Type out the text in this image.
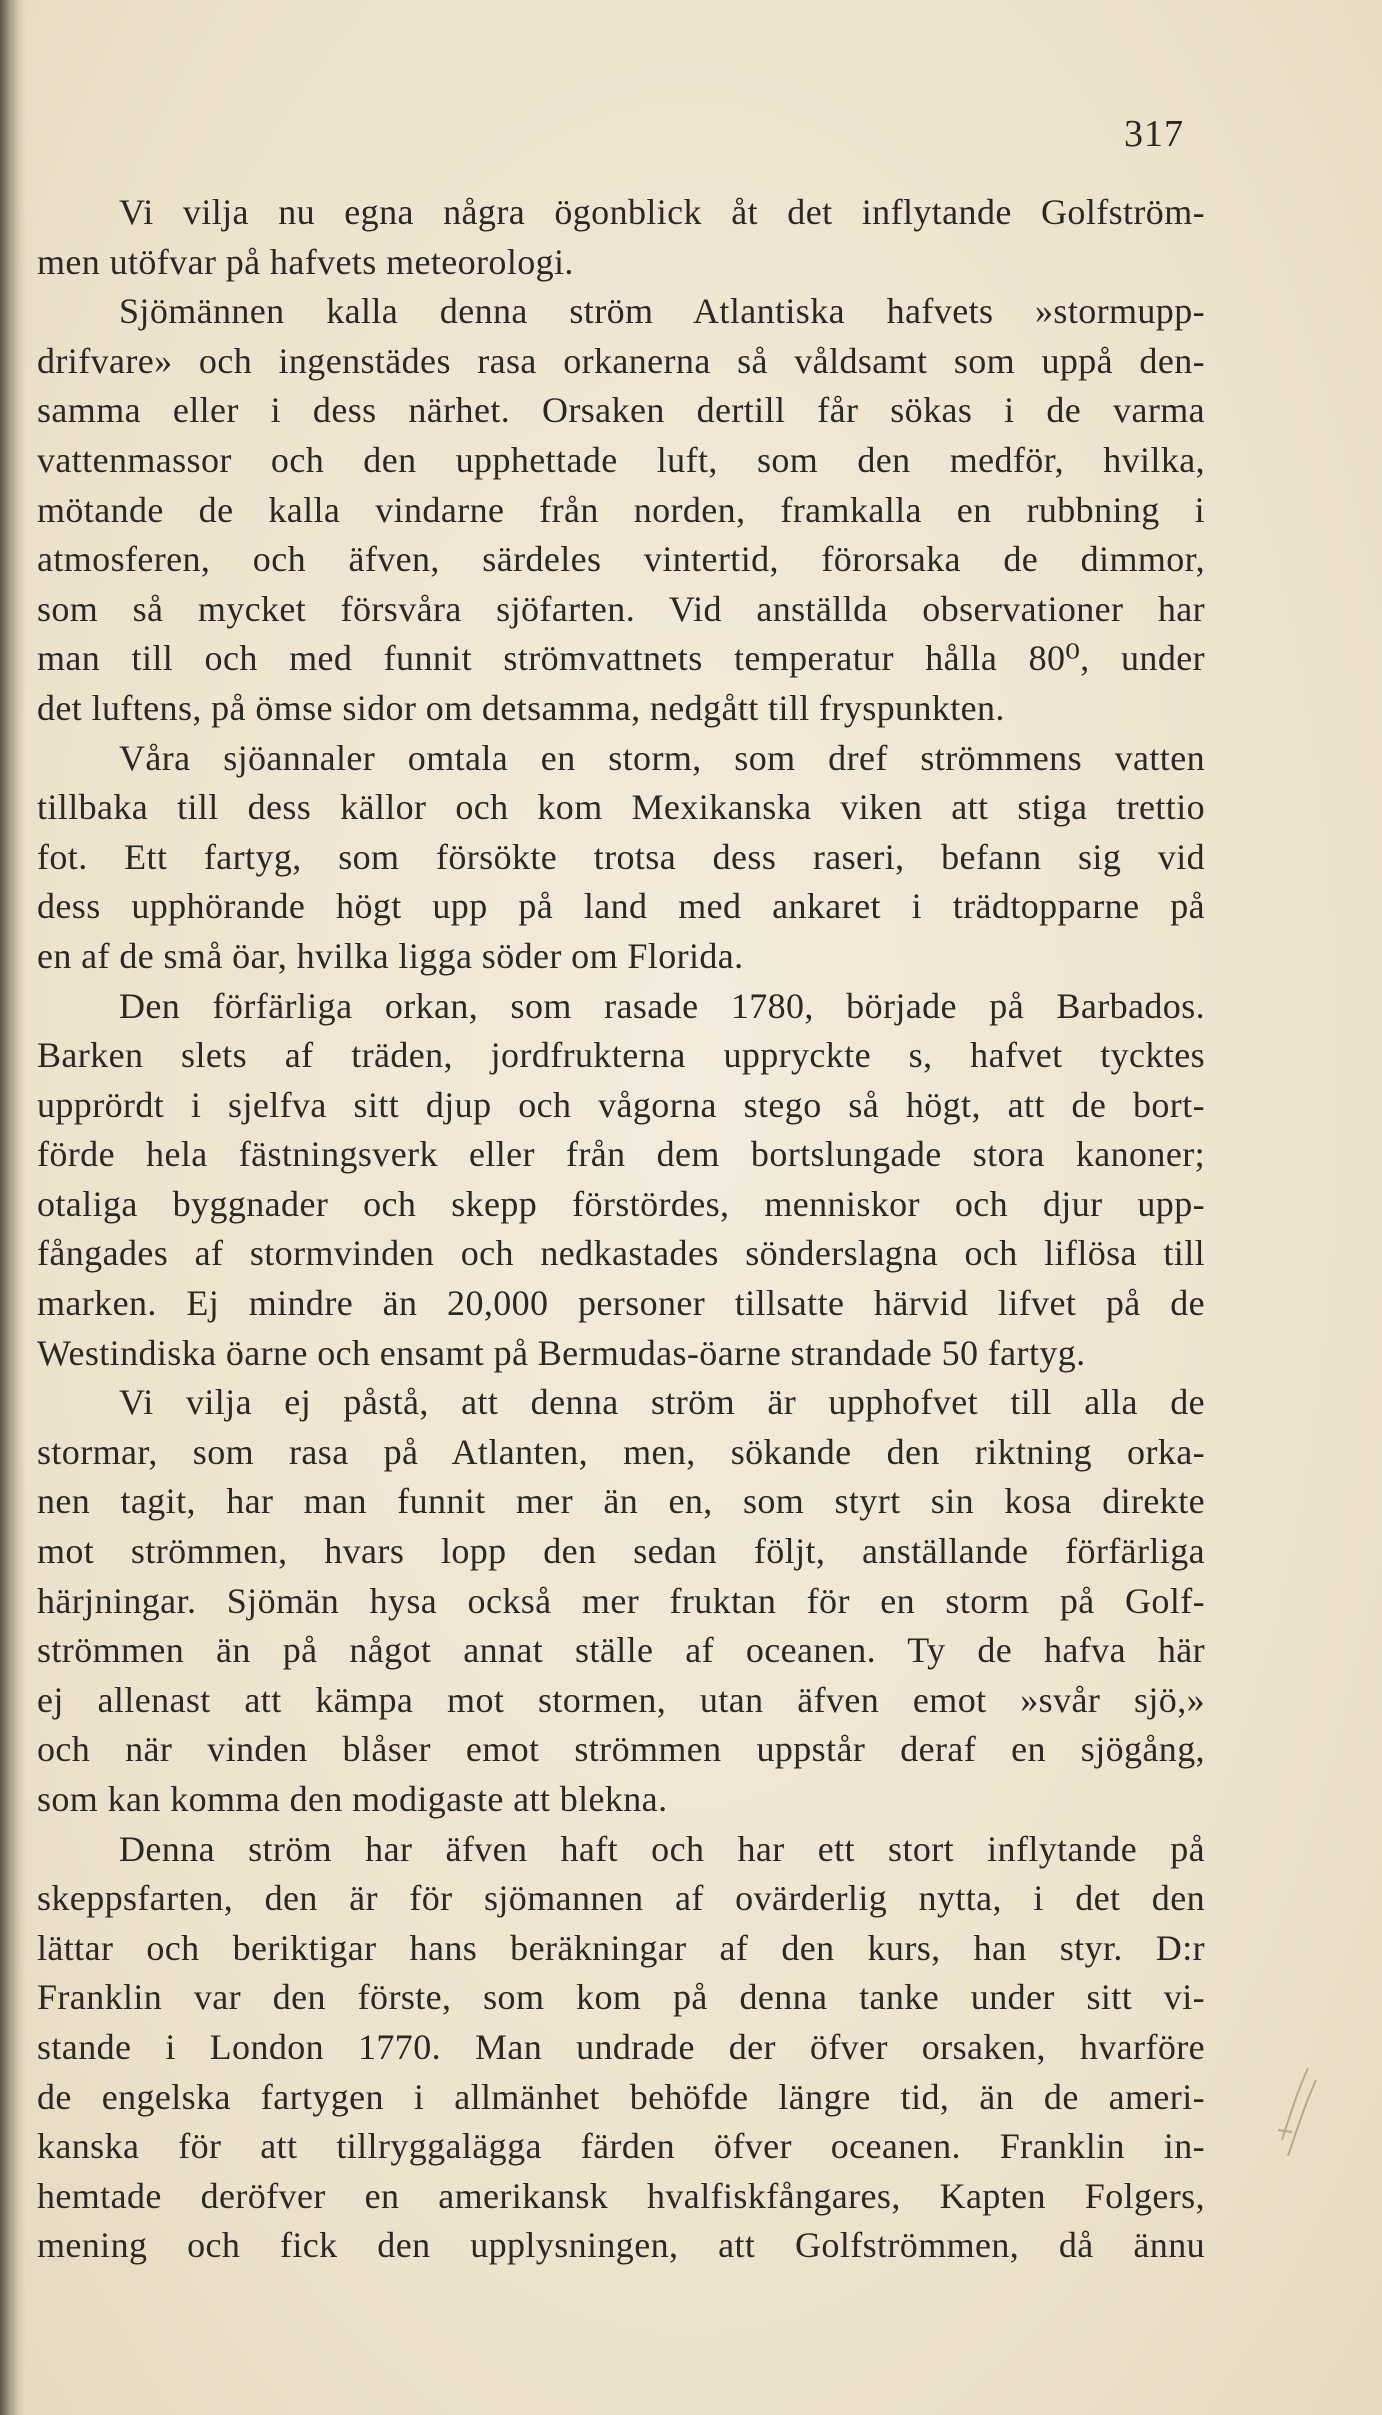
317
Vi vilja nu egna några ögonblick åt det inflytande Golfström-
men utöfvar på hafvets meteorologi.
Sjömännen kalla denna ström Atlantiska hafvets »stormupp-
drifvare» och ingenstädes rasa orkanerna så våldsamt som uppå den-
samma eller i dess närhet. Orsaken dertill får sökas i de varma
vattenmassor och den upphettade luft, som den medför, hvilka,
mötande de kalla vindarne från norden, framkalla en rubbning i
atmosferen, och äfven, särdeles vintertid, förorsaka de dimmor,
som så mycket försvåra sjöfarten. Vid anställda observationer har
man till och med funnit strömvattnets temperatur hålla 80⁰, under
det luftens, på ömse sidor om detsamma, nedgått till fryspunkten.
Våra sjöannaler omtala en storm, som dref strömmens vatten
tillbaka till dess källor och kom Mexikanska viken att stiga trettio
fot. Ett fartyg, som försökte trotsa dess raseri, befann sig vid
dess upphörande högt upp på land med ankaret i trädtopparne på
en af de små öar, hvilka ligga söder om Florida.
Den förfärliga orkan, som rasade 1780, började på Barbados.
Barken slets af träden, jordfrukterna uppryckte s, hafvet tycktes
upprördt i sjelfva sitt djup och vågorna stego så högt, att de bort-
förde hela fästningsverk eller från dem bortslungade stora kanoner;
otaliga byggnader och skepp förstördes, menniskor och djur upp-
fångades af stormvinden och nedkastades sönderslagna och liflösa till
marken. Ej mindre än 20,000 personer tillsatte härvid lifvet på de
Westindiska öarne och ensamt på Bermudas-öarne strandade 50 fartyg.
Vi vilja ej påstå, att denna ström är upphofvet till alla de
stormar, som rasa på Atlanten, men, sökande den riktning orka-
nen tagit, har man funnit mer än en, som styrt sin kosa direkte
mot strömmen, hvars lopp den sedan följt, anställande förfärliga
härjningar. Sjömän hysa också mer fruktan för en storm på Golf-
strömmen än på något annat ställe af oceanen. Ty de hafva här
ej allenast att kämpa mot stormen, utan äfven emot »svår sjö,»
och när vinden blåser emot strömmen uppstår deraf en sjögång,
som kan komma den modigaste att blekna.
Denna ström har äfven haft och har ett stort inflytande på
skeppsfarten, den är för sjömannen af ovärderlig nytta, i det den
lättar och beriktigar hans beräkningar af den kurs, han styr. D:r
Franklin var den förste, som kom på denna tanke under sitt vi-
stande i London 1770. Man undrade der öfver orsaken, hvarföre
de engelska fartygen i allmänhet behöfde längre tid, än de ameri-
kanska för att tillryggalägga färden öfver oceanen. Franklin in-
hemtade deröfver en amerikansk hvalfiskfångares, Kapten Folgers,
mening och fick den upplysningen, att Golfströmmen, då ännu
